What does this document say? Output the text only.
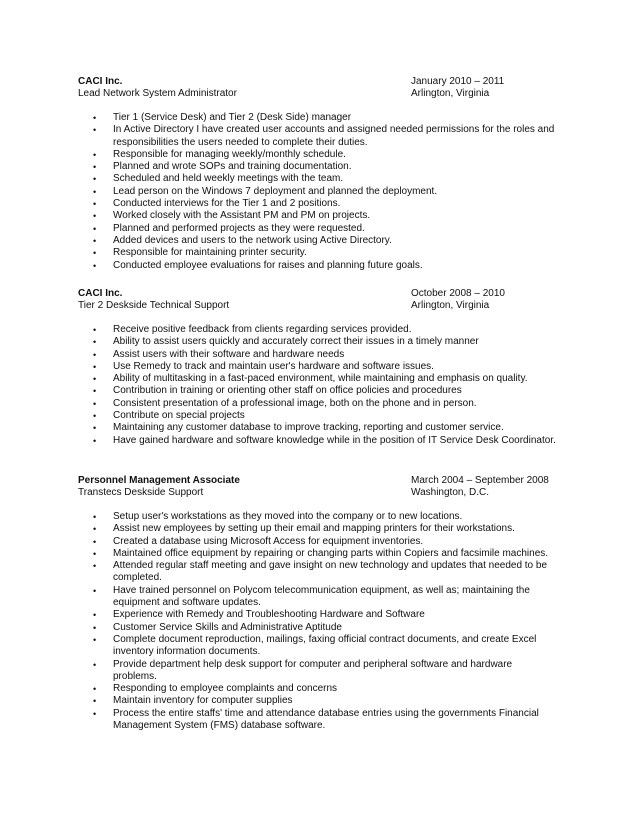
CACI Inc.	January 2010 – 2011
Lead Network System Administrator	Arlington, Virginia
• Tier 1 (Service Desk) and Tier 2 (Desk Side) manager
• In Active Directory I have created user accounts and assigned needed permissions for the roles and responsibilities the users needed to complete their duties.
• Responsible for managing weekly/monthly schedule.
• Planned and wrote SOPs and training documentation.
• Scheduled and held weekly meetings with the team.
• Lead person on the Windows 7 deployment and planned the deployment.
• Conducted interviews for the Tier 1 and 2 positions.
• Worked closely with the Assistant PM and PM on projects.
• Planned and performed projects as they were requested.
• Added devices and users to the network using Active Directory.
• Responsible for maintaining printer security.
• Conducted employee evaluations for raises and planning future goals.
CACI Inc.	October 2008 – 2010
Tier 2 Deskside Technical Support	Arlington, Virginia
• Receive positive feedback from clients regarding services provided.
• Ability to assist users quickly and accurately correct their issues in a timely manner
• Assist users with their software and hardware needs
• Use Remedy to track and maintain user's hardware and software issues.
• Ability of multitasking in a fast-paced environment, while maintaining and emphasis on quality.
• Contribution in training or orienting other staff on office policies and procedures
• Consistent presentation of a professional image, both on the phone and in person.
• Contribute on special projects
• Maintaining any customer database to improve tracking, reporting and customer service.
• Have gained hardware and software knowledge while in the position of IT Service Desk Coordinator.
Personnel Management Associate	March 2004 – September 2008
Transtecs Deskside Support	Washington, D.C.
• Setup user's workstations as they moved into the company or to new locations.
• Assist new employees by setting up their email and mapping printers for their workstations.
• Created a database using Microsoft Access for equipment inventories.
• Maintained office equipment by repairing or changing parts within Copiers and facsimile machines.
• Attended regular staff meeting and gave insight on new technology and updates that needed to be completed.
• Have trained personnel on Polycom telecommunication equipment, as well as; maintaining the equipment and software updates.
• Experience with Remedy and Troubleshooting Hardware and Software
• Customer Service Skills and Administrative Aptitude
• Complete document reproduction, mailings, faxing official contract documents, and create Excel inventory information documents.
• Provide department help desk support for computer and peripheral software and hardware problems.
• Responding to employee complaints and concerns
• Maintain inventory for computer supplies
• Process the entire staffs' time and attendance database entries using the governments Financial Management System (FMS) database software.
